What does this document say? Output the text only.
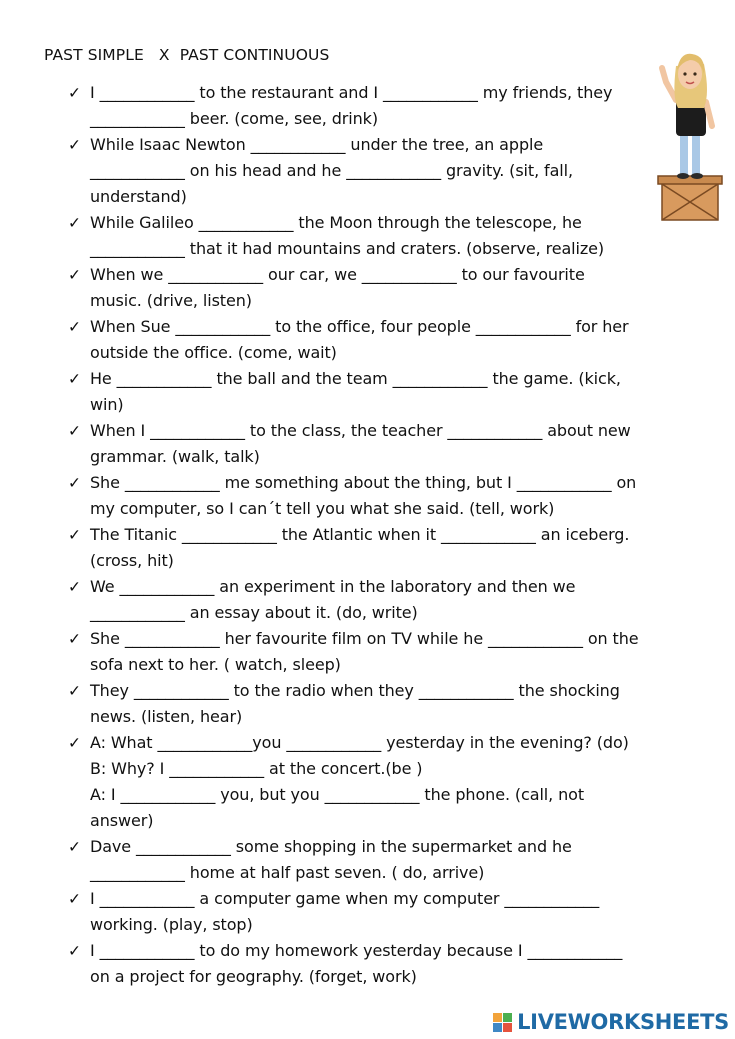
PAST SIMPLE   X  PAST CONTINUOUS
✓ I ____________ to the restaurant and I ____________ my friends, they
____________ beer. (come, see, drink)
✓ While Isaac Newton ____________ under the tree, an apple
____________ on his head and he ____________ gravity. (sit, fall,
understand)
✓ While Galileo ____________ the Moon through the telescope, he
____________ that it had mountains and craters. (observe, realize)
✓ When we ____________ our car, we ____________ to our favourite
music. (drive, listen)
✓ When Sue ____________ to the office, four people ____________ for her
outside the office. (come, wait)
✓ He ____________ the ball and the team ____________ the game. (kick,
win)
✓ When I ____________ to the class, the teacher ____________ about new
grammar. (walk, talk)
✓ She ____________ me something about the thing, but I ____________ on
my computer, so I can´t tell you what she said. (tell, work)
✓ The Titanic ____________ the Atlantic when it ____________ an iceberg.
(cross, hit)
✓ We ____________ an experiment in the laboratory and then we
____________ an essay about it. (do, write)
✓ She ____________ her favourite film on TV while he ____________ on the
sofa next to her. ( watch, sleep)
✓ They ____________ to the radio when they ____________ the shocking
news. (listen, hear)
✓ A: What ____________you ____________ yesterday in the evening? (do)
B: Why? I ____________ at the concert.(be )
A: I ____________ you, but you ____________ the phone. (call, not
answer)
✓ Dave ____________ some shopping in the supermarket and he
____________ home at half past seven. ( do, arrive)
✓ I ____________ a computer game when my computer ____________
working. (play, stop)
✓ I ____________ to do my homework yesterday because I ____________
on a project for geography. (forget, work)
LIVEWORKSHEETS
